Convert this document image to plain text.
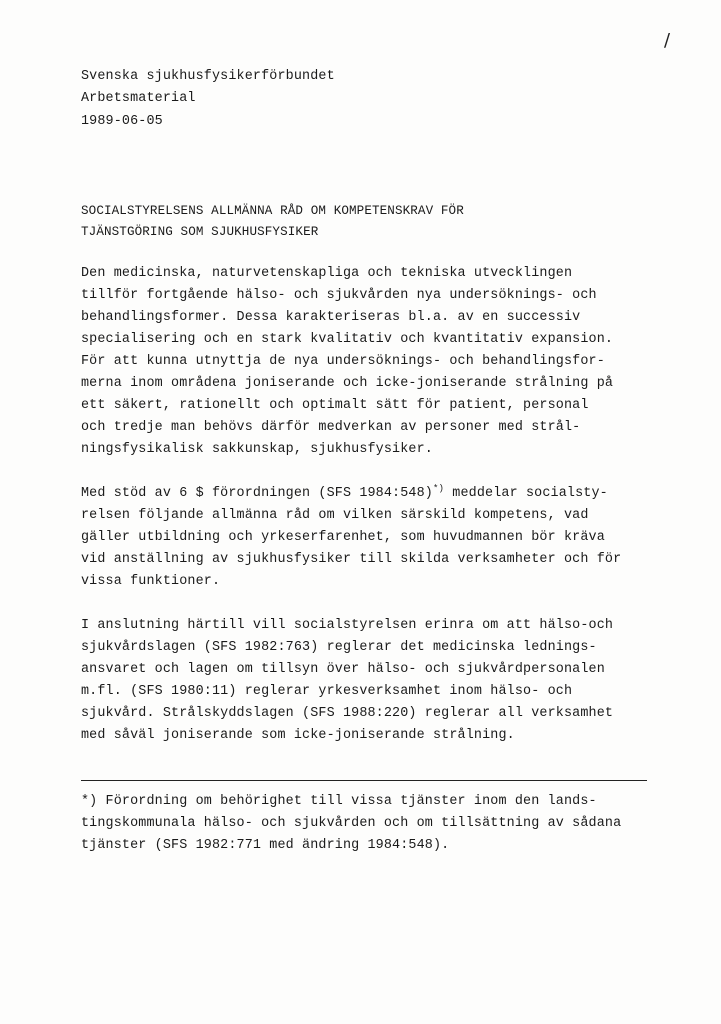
/
Svenska sjukhusfysikerförbundet
Arbetsmaterial
1989-06-05
SOCIALSTYRELSENS ALLMÄNNA RÅD OM KOMPETENSKRAV FÖR
TJÄNSTGÖRING SOM SJUKHUSFYSIKER
Den medicinska, naturvetenskapliga och tekniska utvecklingen
tillför fortgående hälso- och sjukvården nya undersöknings- och
behandlingsformer. Dessa karakteriseras bl.a. av en successiv
specialisering och en stark kvalitativ och kvantitativ expansion.
För att kunna utnyttja de nya undersöknings- och behandlingsfor-
merna inom områdena joniserande och icke-joniserande strålning på
ett säkert, rationellt och optimalt sätt för patient, personal
och tredje man behövs därför medverkan av personer med strål-
ningsfysikalisk sakkunskap, sjukhusfysiker.
Med stöd av 6 $ förordningen (SFS 1984:548)*) meddelar socialsty-
relsen följande allmänna råd om vilken särskild kompetens, vad
gäller utbildning och yrkeserfarenhet, som huvudmannen bör kräva
vid anställning av sjukhusfysiker till skilda verksamheter och för
vissa funktioner.
I anslutning härtill vill socialstyrelsen erinra om att hälso-och
sjukvårdslagen (SFS 1982:763) reglerar det medicinska lednings-
ansvaret och lagen om tillsyn över hälso- och sjukvårdpersonalen
m.fl. (SFS 1980:11) reglerar yrkesverksamhet inom hälso- och
sjukvård. Strålskyddslagen (SFS 1988:220) reglerar all verksamhet
med såväl joniserande som icke-joniserande strålning.
*) Förordning om behörighet till vissa tjänster inom den lands-
tingskommunala hälso- och sjukvården och om tillsättning av sådana
tjänster (SFS 1982:771 med ändring 1984:548).
